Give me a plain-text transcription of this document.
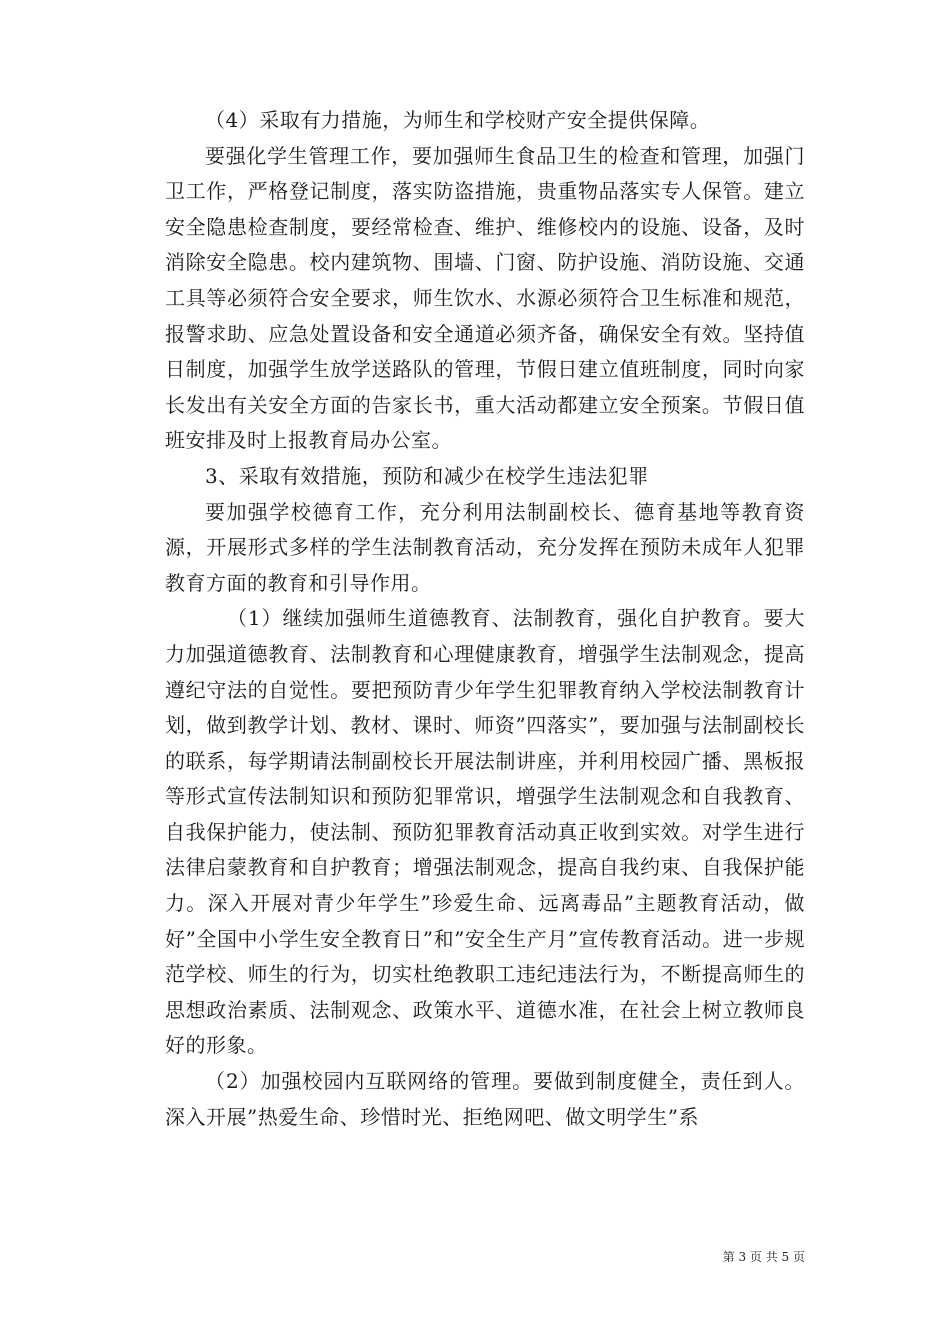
（4）采取有力措施，为师生和学校财产安全提供保障。

要强化学生管理工作，要加强师生食品卫生的检查和管理，加强门卫工作，严格登记制度，落实防盗措施，贵重物品落实专人保管。建立安全隐患检查制度，要经常检查、维护、维修校内的设施、设备，及时消除安全隐患。校内建筑物、围墙、门窗、防护设施、消防设施、交通工具等必须符合安全要求，师生饮水、水源必须符合卫生标准和规范，报警求助、应急处置设备和安全通道必须齐备，确保安全有效。坚持值日制度，加强学生放学送路队的管理，节假日建立值班制度，同时向家长发出有关安全方面的告家长书，重大活动都建立安全预案。节假日值班安排及时上报教育局办公室。

3、采取有效措施，预防和减少在校学生违法犯罪

要加强学校德育工作，充分利用法制副校长、德育基地等教育资源，开展形式多样的学生法制教育活动，充分发挥在预防未成年人犯罪教育方面的教育和引导作用。

（1）继续加强师生道德教育、法制教育，强化自护教育。要大力加强道德教育、法制教育和心理健康教育，增强学生法制观念，提高遵纪守法的自觉性。要把预防青少年学生犯罪教育纳入学校法制教育计划，做到教学计划、教材、课时、师资”四落实”，要加强与法制副校长的联系，每学期请法制副校长开展法制讲座，并利用校园广播、黑板报等形式宣传法制知识和预防犯罪常识，增强学生法制观念和自我教育、自我保护能力，使法制、预防犯罪教育活动真正收到实效。对学生进行法律启蒙教育和自护教育；增强法制观念，提高自我约束、自我保护能力。深入开展对青少年学生”珍爱生命、远离毒品”主题教育活动，做好”全国中小学生安全教育日”和”安全生产月”宣传教育活动。进一步规范学校、师生的行为，切实杜绝教职工违纪违法行为，不断提高师生的思想政治素质、法制观念、政策水平、道德水准，在社会上树立教师良好的形象。

（2）加强校园内互联网络的管理。要做到制度健全，责任到人。深入开展”热爱生命、珍惜时光、拒绝网吧、做文明学生”系

第 3 页 共 5 页
